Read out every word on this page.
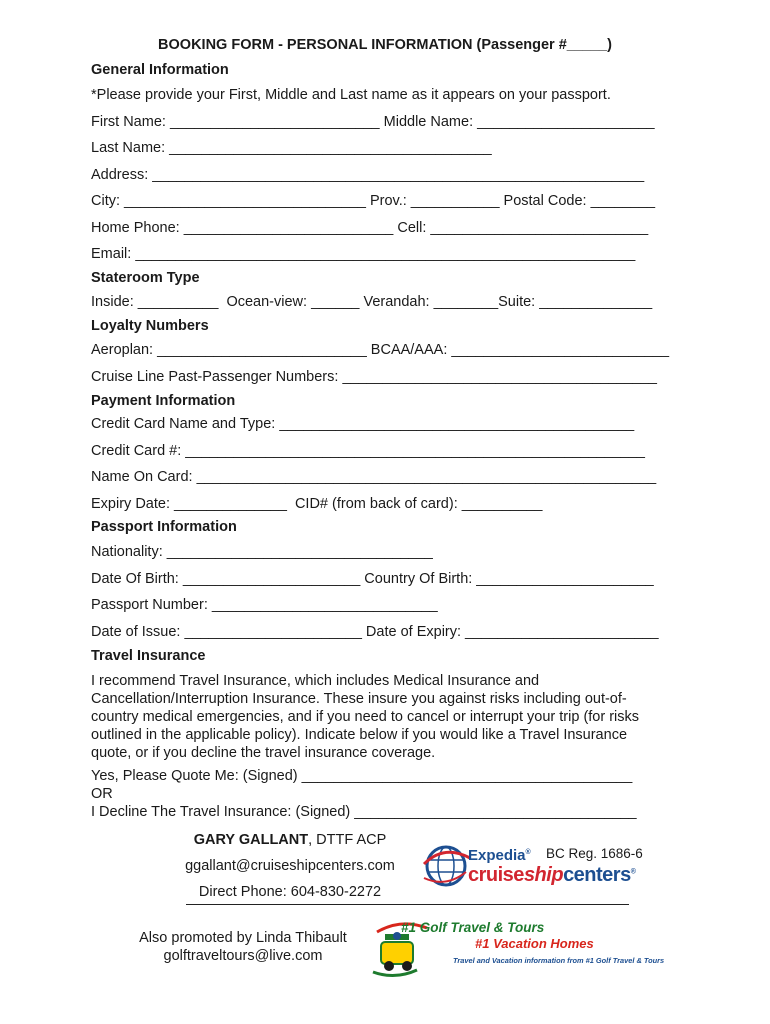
BOOKING FORM - PERSONAL INFORMATION (Passenger #_____)
General Information
*Please provide your First, Middle and Last name as it appears on your passport.
First Name: __________________________ Middle Name: ______________________
Last Name: ________________________________________
Address: _____________________________________________________________
City: ______________________________ Prov.: ___________ Postal Code: ________
Home Phone: __________________________ Cell: ___________________________
Email: ______________________________________________________________
Stateroom Type
Inside: __________  Ocean-view: ______ Verandah: ________Suite: ______________
Loyalty Numbers
Aeroplan: __________________________ BCAA/AAA: ___________________________
Cruise Line Past-Passenger Numbers: _______________________________________
Payment Information
Credit Card Name and Type: ____________________________________________
Credit Card #: _________________________________________________________
Name On Card: _________________________________________________________
Expiry Date: ______________  CID# (from back of card): __________
Passport Information
Nationality: _________________________________
Date Of Birth: ______________________ Country Of Birth: ______________________
Passport Number: ____________________________
Date of Issue: ______________________ Date of Expiry: ________________________
Travel Insurance
I recommend Travel Insurance, which includes Medical Insurance and Cancellation/Interruption Insurance. These insure you against risks including out-of-country medical emergencies, and if you need to cancel or interrupt your trip (for risks outlined in the applicable policy). Indicate below if you would like a Travel Insurance quote, or if you decline the travel insurance coverage.
Yes, Please Quote Me: (Signed) _________________________________________
OR
I Decline The Travel Insurance: (Signed) ___________________________________
GARY GALLANT, DTTF ACP
ggallant@cruiseshipcenters.com
Direct Phone: 604-830-2272
Expedia® BC Reg. 1686-6
cruiseshipcenters®
Also promoted by Linda Thibault
golftraveltours@live.com
#1 Golf Travel & Tours
#1 Vacation Homes
Travel and Vacation information from #1 Golf Travel & Tours
